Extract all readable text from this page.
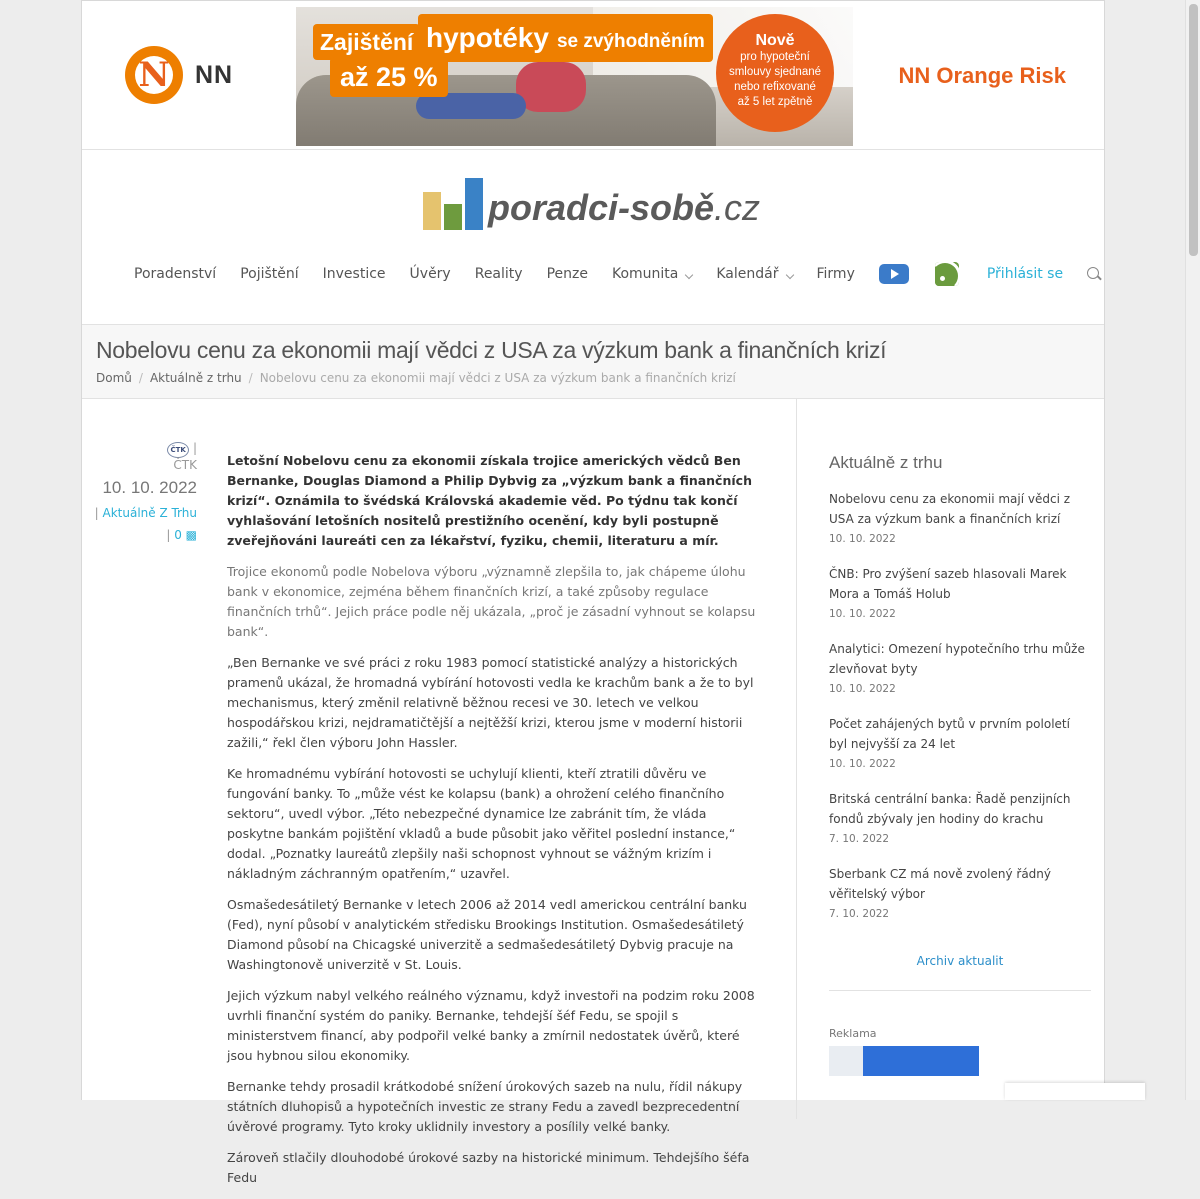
N
NN
Zajištění hypotéky se zvýhodněním
až 25 %
Nově
pro hypoteční
smlouvy sjednané
nebo refixované
až 5 let zpětně
NN Orange Risk
poradci-sobě.cz
Poradenství Pojištění Investice Úvěry Reality Penze Komunita	Kalendář	Firmy	Přihlásit se
Nobelovu cenu za ekonomii mají vědci z USA za výzkum bank a finančních krizí
Domů / Aktuálně z trhu / Nobelovu cenu za ekonomii mají vědci z USA za výzkum bank a finančních krizí
ČTK |
ČTK
10. 10. 2022
| Aktuálně Z Trhu
| 0 ▩

Letošní Nobelovu cenu za ekonomii získala trojice amerických vědců Ben Bernanke, Douglas Diamond a Philip Dybvig za „výzkum bank a finančních krizí“. Oznámila to švédská Královská akademie věd. Po týdnu tak končí vyhlašování letošních nositelů prestižního ocenění, kdy byli postupně zveřejňováni laureáti cen za lékařství, fyziku, chemii, literaturu a mír.

Trojice ekonomů podle Nobelova výboru „významně zlepšila to, jak chápeme úlohu bank v ekonomice, zejména během finančních krizí, a také způsoby regulace finančních trhů“. Jejich práce podle něj ukázala, „proč je zásadní vyhnout se kolapsu bank“.

„Ben Bernanke ve své práci z roku 1983 pomocí statistické analýzy a historických pramenů ukázal, že hromadná vybírání hotovosti vedla ke krachům bank a že to byl mechanismus, který změnil relativně běžnou recesi ve 30. letech ve velkou hospodářskou krizi, nejdramatičtější a nejtěžší krizi, kterou jsme v moderní historii zažili,“ řekl člen výboru John Hassler.

Ke hromadnému vybírání hotovosti se uchylují klienti, kteří ztratili důvěru ve fungování banky. To „může vést ke kolapsu (bank) a ohrožení celého finančního sektoru“, uvedl výbor. „Této nebezpečné dynamice lze zabránit tím, že vláda poskytne bankám pojištění vkladů a bude působit jako věřitel poslední instance,“ dodal. „Poznatky laureátů zlepšily naši schopnost vyhnout se vážným krizím i nákladným záchranným opatřením,“ uzavřel.

Osmašedesátiletý Bernanke v letech 2006 až 2014 vedl americkou centrální banku (Fed), nyní působí v analytickém středisku Brookings Institution. Osmašedesátiletý Diamond působí na Chicagské univerzitě a sedmašedesátiletý Dybvig pracuje na Washingtonově univerzitě v St. Louis.

Jejich výzkum nabyl velkého reálného významu, když investoři na podzim roku 2008 uvrhli finanční systém do paniky. Bernanke, tehdejší šéf Fedu, se spojil s ministerstvem financí, aby podpořil velké banky a zmírnil nedostatek úvěrů, které jsou hybnou silou ekonomiky.

Bernanke tehdy prosadil krátkodobé snížení úrokových sazeb na nulu, řídil nákupy státních dluhopisů a hypotečních investic ze strany Fedu a zavedl bezprecedentní úvěrové programy. Tyto kroky uklidnily investory a posílily velké banky.

Zároveň stlačily dlouhodobé úrokové sazby na historické minimum. Tehdejšího šéfa Fedu

Aktuálně z trhu
Nobelovu cenu za ekonomii mají vědci z USA za výzkum bank a finančních krizí
10. 10. 2022
ČNB: Pro zvýšení sazeb hlasovali Marek Mora a Tomáš Holub
10. 10. 2022
Analytici: Omezení hypotečního trhu může zlevňovat byty
10. 10. 2022
Počet zahájených bytů v prvním pololetí byl nejvyšší za 24 let
10. 10. 2022
Britská centrální banka: Řadě penzijních fondů zbývaly jen hodiny do krachu
7. 10. 2022
Sberbank CZ má nově zvolený řádný věřitelský výbor
7. 10. 2022
Archiv aktualit
Reklama
